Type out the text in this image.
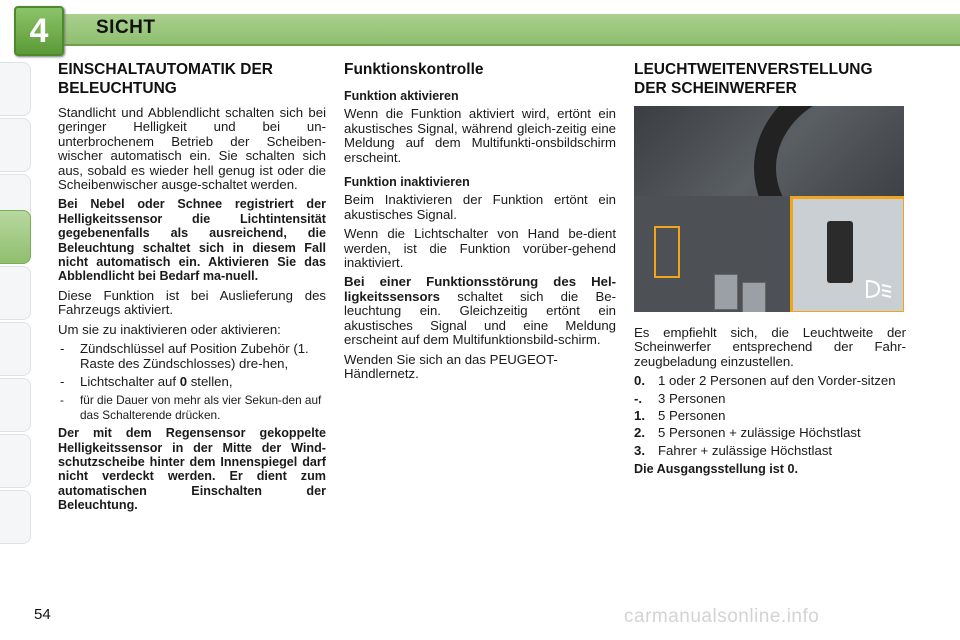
4	SICHT
EINSCHALTAUTOMATIK DER BELEUCHTUNG

Standlicht und Abblendlicht schalten sich bei geringer Helligkeit und bei un-unterbrochenem Betrieb der Scheiben-wischer automatisch ein. Sie schalten sich aus, sobald es wieder hell genug ist oder die Scheibenwischer ausge-schaltet werden.

Bei Nebel oder Schnee registriert der Helligkeitssensor die Lichtintensität gegebenenfalls als ausreichend, die Beleuchtung schaltet sich in diesem Fall nicht automatisch ein. Aktivieren Sie das Abblendlicht bei Bedarf ma-nuell.

Diese Funktion ist bei Auslieferung des Fahrzeugs aktiviert.

Um sie zu inaktivieren oder aktivieren:

- Zündschlüssel auf Position Zubehör (1. Raste des Zündschlosses) dre-hen,
- Lichtschalter auf 0 stellen,
- für die Dauer von mehr als vier Sekun-den auf das Schalterende drücken.

Der mit dem Regensensor gekoppelte Helligkeitssensor in der Mitte der Wind-schutzscheibe hinter dem Innenspiegel darf nicht verdeckt werden. Er dient zum automatischen Einschalten der Beleuchtung.

Funktionskontrolle
Funktion aktivieren

Wenn die Funktion aktiviert wird, ertönt ein akustisches Signal, während gleich-zeitig eine Meldung auf dem Multifunkti-onsbildschirm erscheint.

Funktion inaktivieren

Beim Inaktivieren der Funktion ertönt ein akustisches Signal.

Wenn die Lichtschalter von Hand be-dient werden, ist die Funktion vorüber-gehend inaktiviert.

Bei einer Funktionsstörung des Hel-ligkeitssensors schaltet sich die Be-leuchtung ein. Gleichzeitig ertönt ein akustisches Signal und eine Meldung erscheint auf dem Multifunktionsbild-schirm.

Wenden Sie sich an das PEUGEOT-Händlernetz.

LEUCHTWEITENVERSTELLUNG DER SCHEINWERFER

Es empfiehlt sich, die Leuchtweite der Scheinwerfer entsprechend der Fahr-zeugbeladung einzustellen.

0. 1 oder 2 Personen auf den Vorder-sitzen
-. 3 Personen
1. 5 Personen
2. 5 Personen + zulässige Höchstlast
3. Fahrer + zulässige Höchstlast

Die Ausgangsstellung ist 0.

54	carmanualsonline.info
